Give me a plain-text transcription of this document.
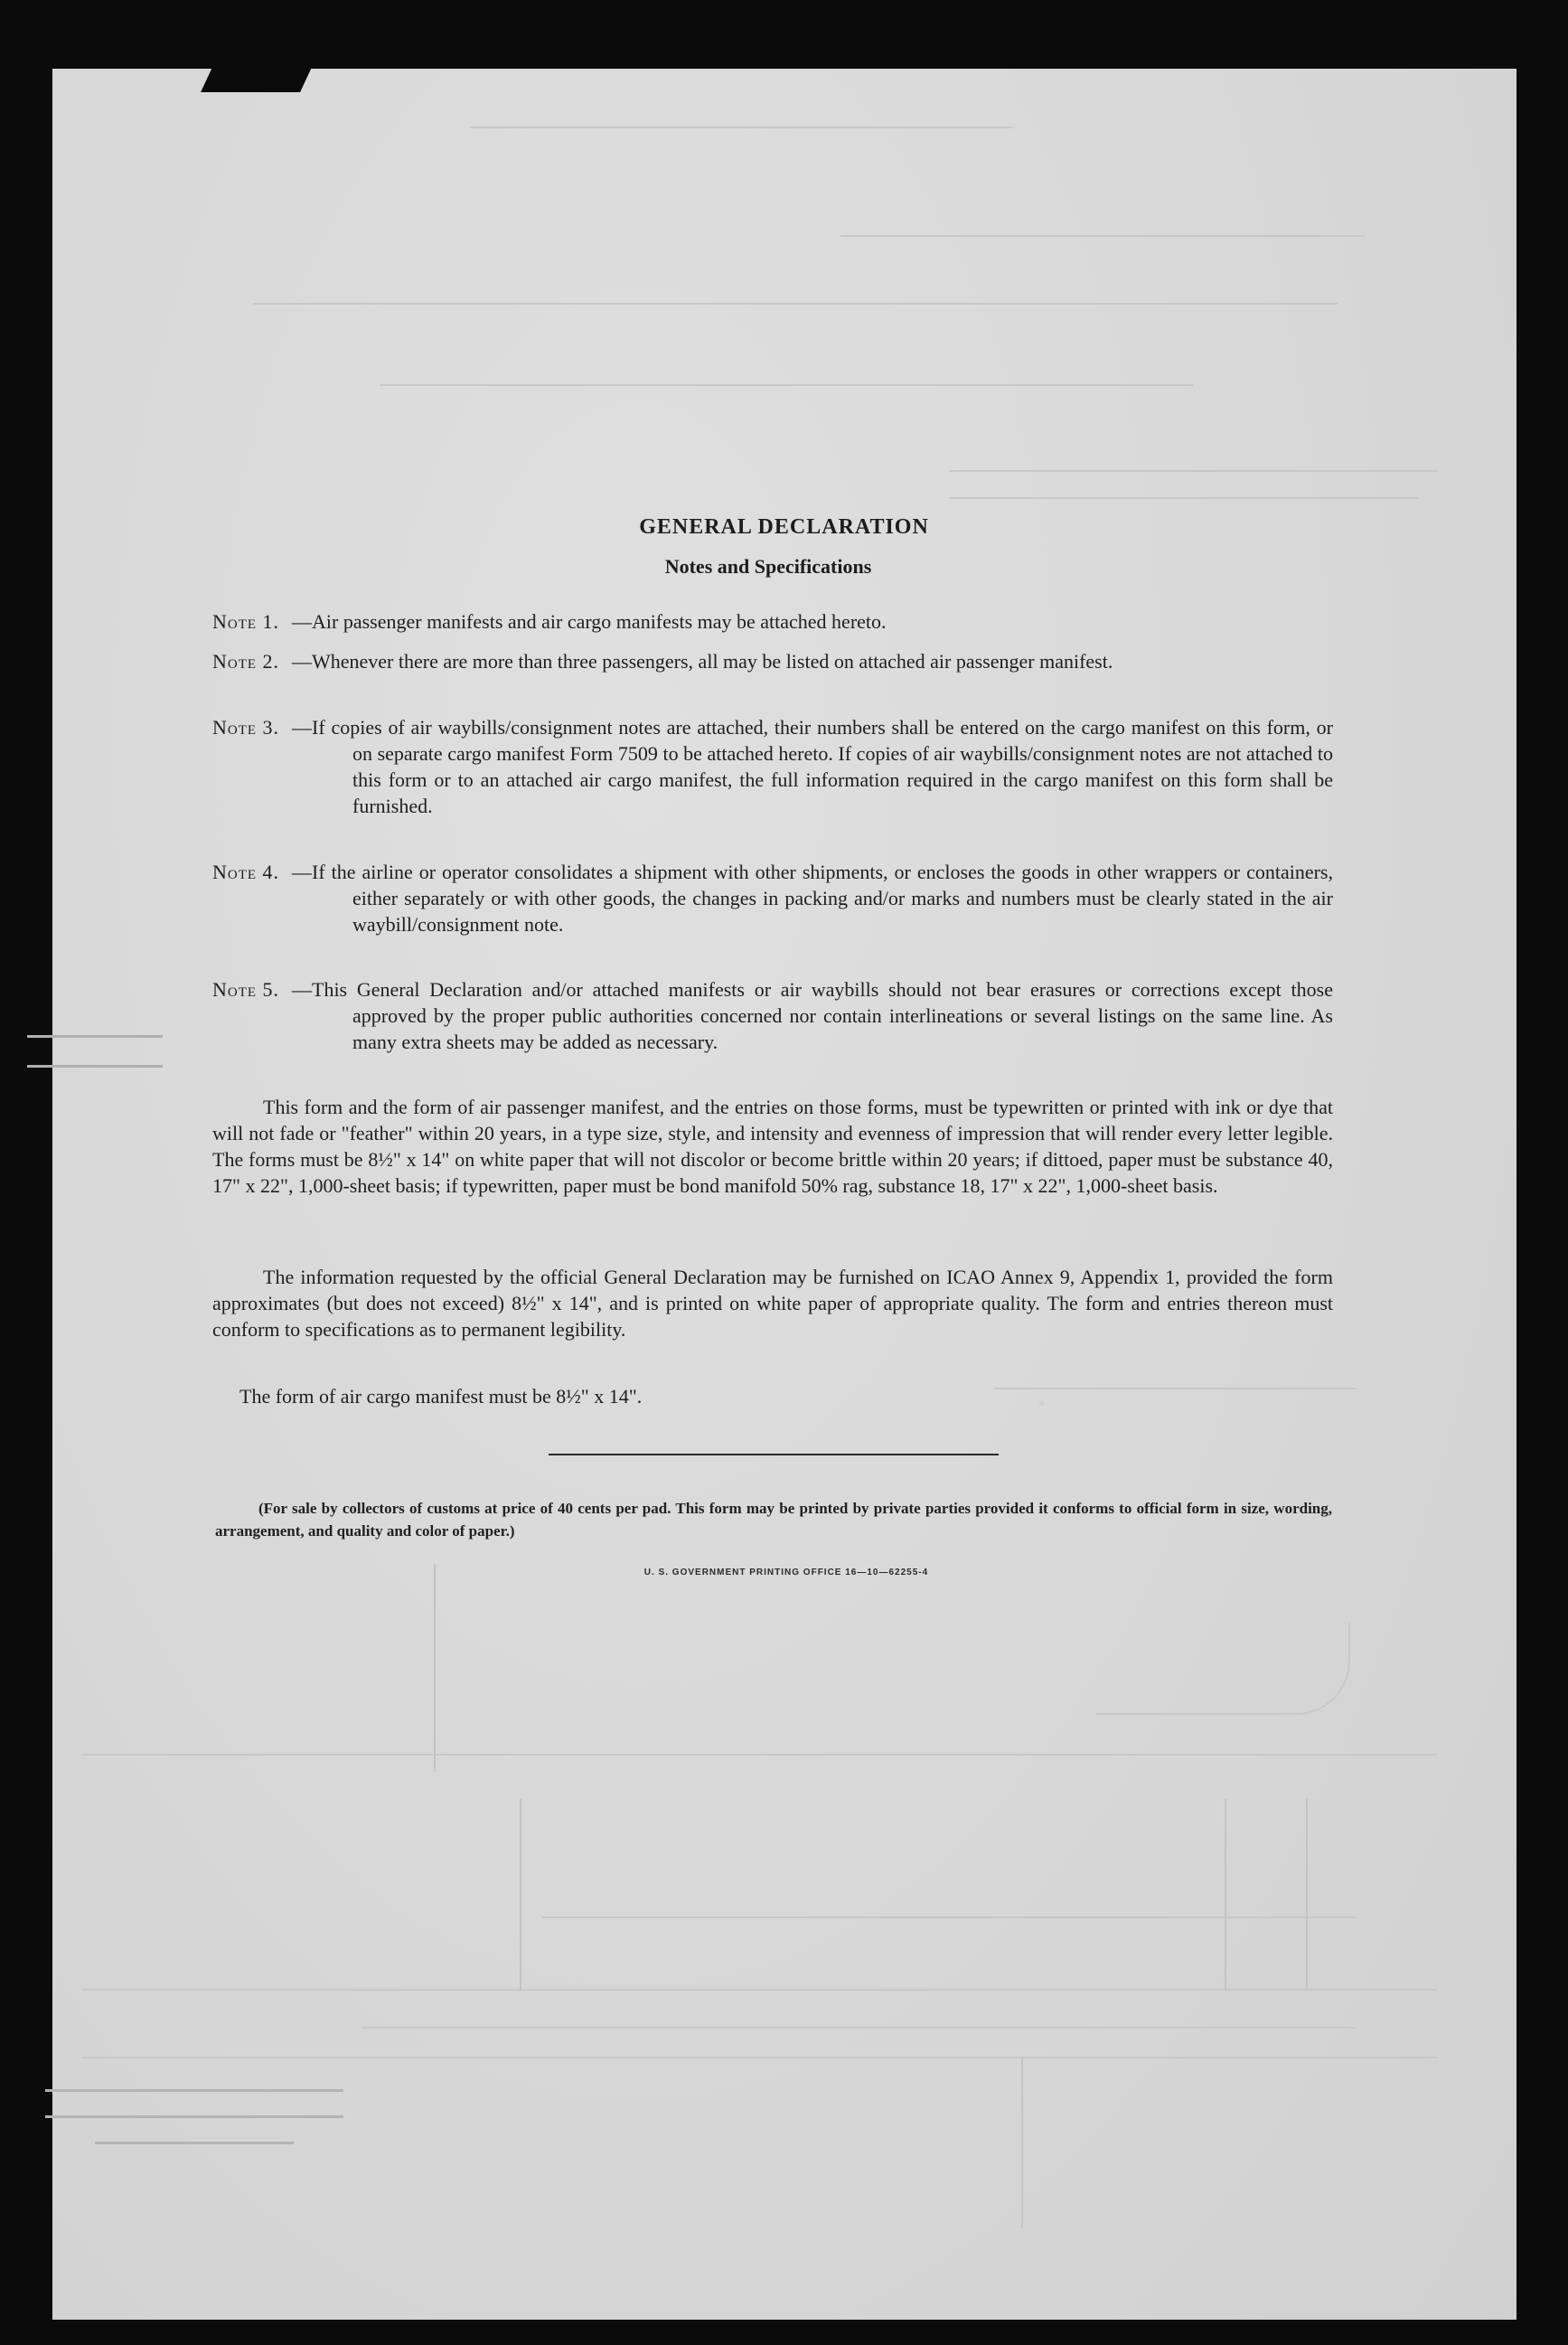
GENERAL DECLARATION
Notes and Specifications
Note 1. —Air passenger manifests and air cargo manifests may be attached hereto.
Note 2. —Whenever there are more than three passengers, all may be listed on attached air passenger manifest.
Note 3. —If copies of air waybills/consignment notes are attached, their numbers shall be entered on the cargo manifest on this form, or on separate cargo manifest Form 7509 to be attached hereto. If copies of air waybills/consignment notes are not attached to this form or to an attached air cargo manifest, the full information required in the cargo manifest on this form shall be furnished.
Note 4. —If the airline or operator consolidates a shipment with other shipments, or encloses the goods in other wrappers or containers, either separately or with other goods, the changes in packing and/or marks and numbers must be clearly stated in the air waybill/consignment note.
Note 5. —This General Declaration and/or attached manifests or air waybills should not bear erasures or corrections except those approved by the proper public authorities concerned nor contain interlineations or several listings on the same line. As many extra sheets may be added as necessary.
This form and the form of air passenger manifest, and the entries on those forms, must be typewritten or printed with ink or dye that will not fade or "feather" within 20 years, in a type size, style, and intensity and evenness of impression that will render every letter legible. The forms must be 8½" x 14" on white paper that will not discolor or become brittle within 20 years; if dittoed, paper must be substance 40, 17" x 22", 1,000-sheet basis; if typewritten, paper must be bond manifold 50% rag, substance 18, 17" x 22", 1,000-sheet basis.
The information requested by the official General Declaration may be furnished on ICAO Annex 9, Appendix 1, provided the form approximates (but does not exceed) 8½" x 14", and is printed on white paper of appropriate quality. The form and entries thereon must conform to specifications as to permanent legibility.
The form of air cargo manifest must be 8½" x 14".
(For sale by collectors of customs at price of 40 cents per pad. This form may be printed by private parties provided it conforms to official form in size, wording, arrangement, and quality and color of paper.)
U. S. GOVERNMENT PRINTING OFFICE 16—10—62255-4
